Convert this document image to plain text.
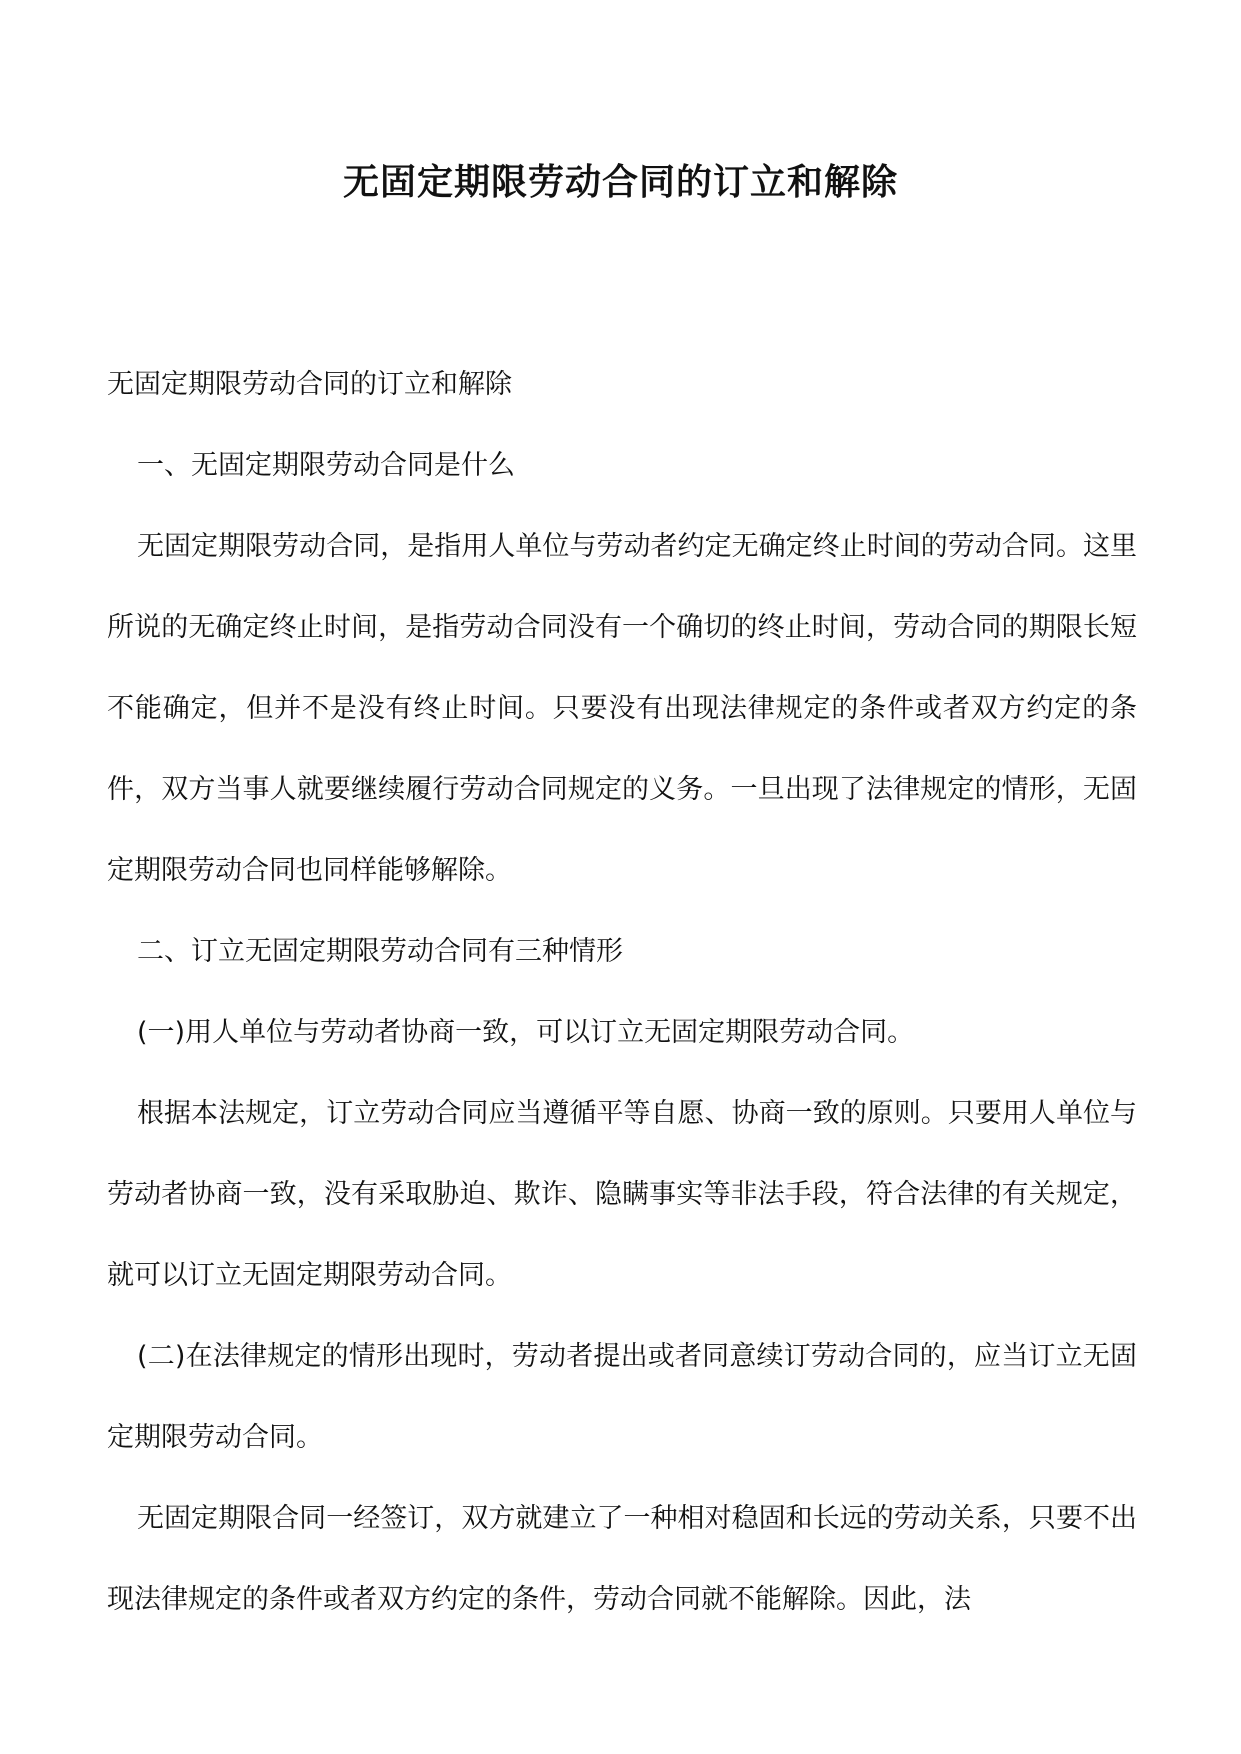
无固定期限劳动合同的订立和解除

无固定期限劳动合同的订立和解除

一、无固定期限劳动合同是什么

无固定期限劳动合同，是指用人单位与劳动者约定无确定终止时间的劳动合同。这里所说的无确定终止时间，是指劳动合同没有一个确切的终止时间，劳动合同的期限长短不能确定，但并不是没有终止时间。只要没有出现法律规定的条件或者双方约定的条件，双方当事人就要继续履行劳动合同规定的义务。一旦出现了法律规定的情形，无固定期限劳动合同也同样能够解除。

二、订立无固定期限劳动合同有三种情形

(一)用人单位与劳动者协商一致，可以订立无固定期限劳动合同。

根据本法规定，订立劳动合同应当遵循平等自愿、协商一致的原则。只要用人单位与劳动者协商一致，没有采取胁迫、欺诈、隐瞒事实等非法手段，符合法律的有关规定，就可以订立无固定期限劳动合同。

(二)在法律规定的情形出现时，劳动者提出或者同意续订劳动合同的，应当订立无固定期限劳动合同。

无固定期限合同一经签订，双方就建立了一种相对稳固和长远的劳动关系，只要不出现法律规定的条件或者双方约定的条件，劳动合同就不能解除。因此，法
